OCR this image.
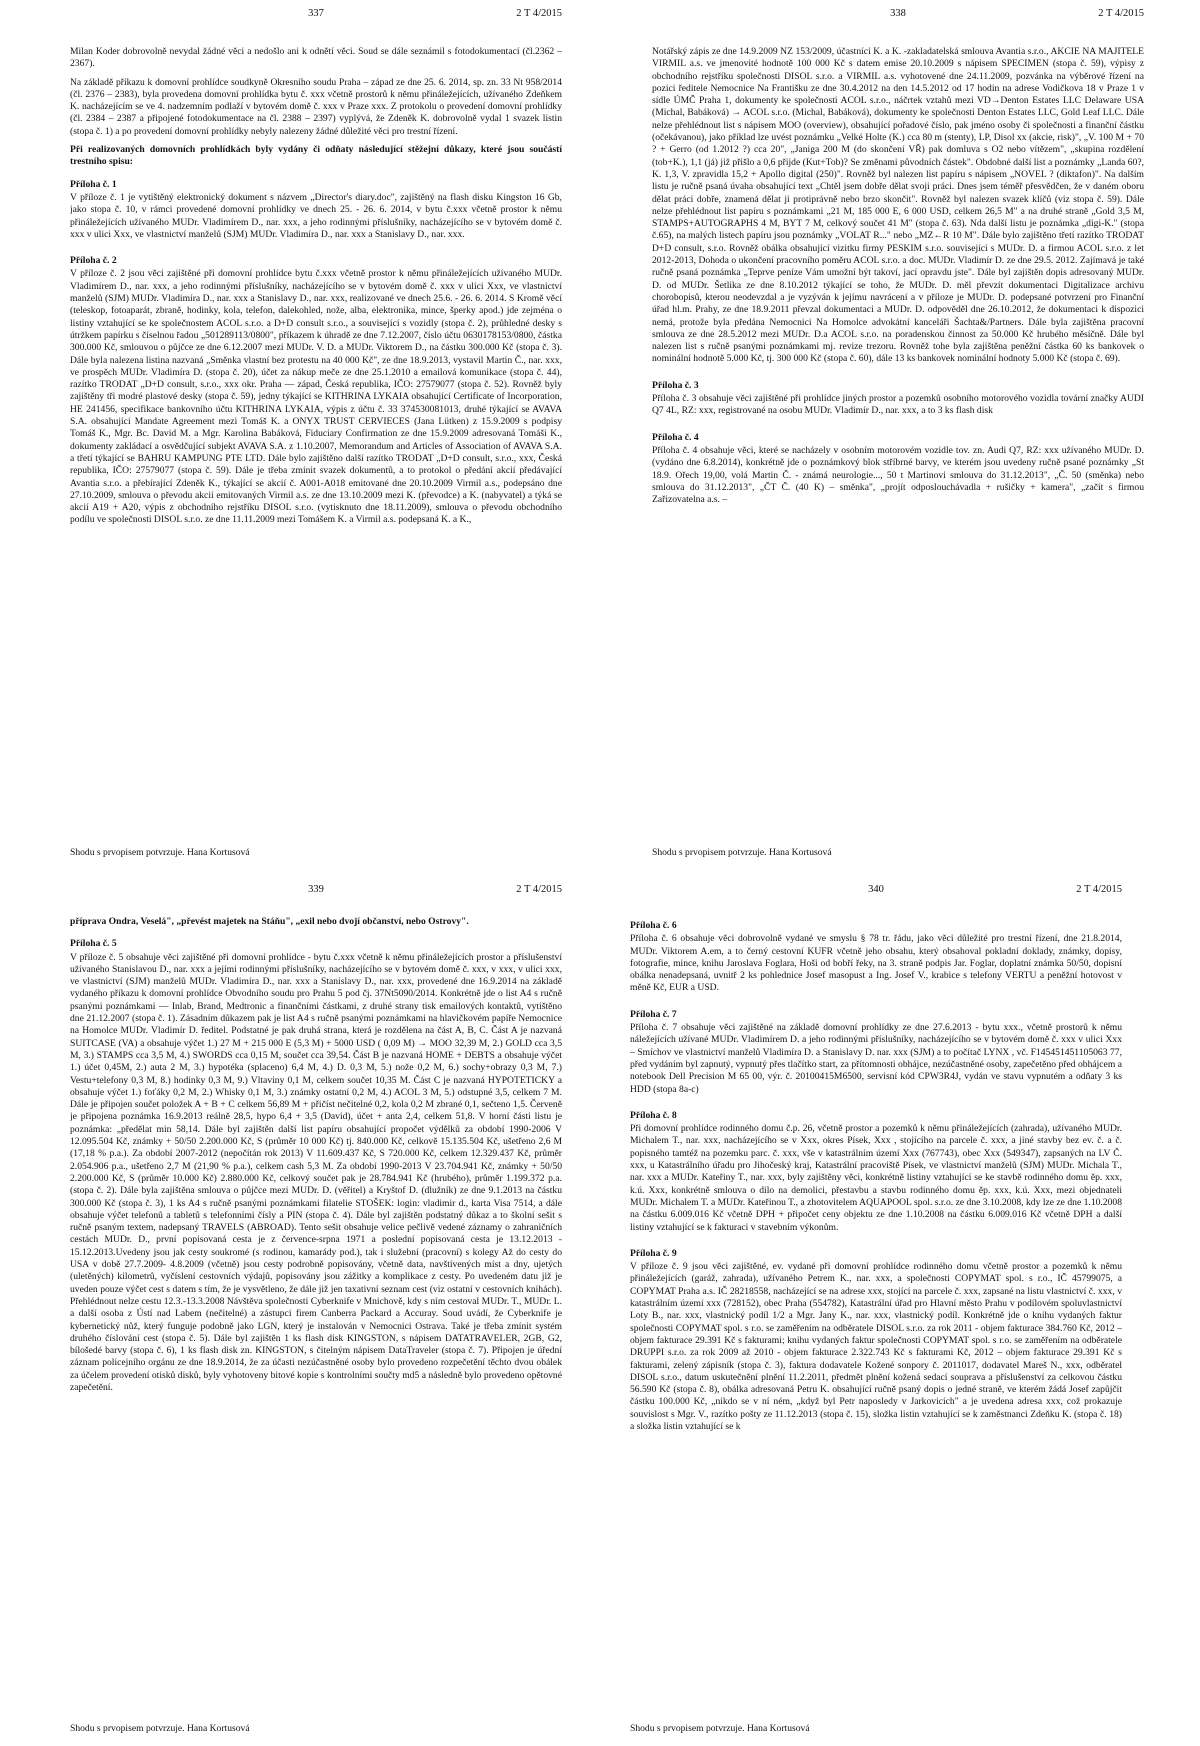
337	2 T 4/2015

Milan Koder dobrovolně nevydal žádné věci a nedošlo ani k odnětí věci. Soud se dále seznámil s fotodokumentací (čl.2362 – 2367).

Na základě příkazu k domovní prohlídce soudkyně Okresního soudu Praha – západ ze dne 25. 6. 2014, sp. zn. 33 Nt 958/2014 (čl. 2376 – 2383), byla provedena domovní prohlídka bytu č. xxx včetně prostorů k němu přináležejících, užívaného Zdeňkem K. nacházejícím se ve 4. nadzemním podlaží v bytovém domě č. xxx v Praze xxx. Z protokolu o provedení domovní prohlídky (čl. 2384 – 2387 a připojené fotodokumentace na čl. 2388 – 2397) vyplývá, že Zdeněk K. dobrovolně vydal 1 svazek listin (stopa č. 1) a po provedení domovní prohlídky nebyly nalezeny žádné důležité věci pro trestní řízení.

Při realizovaných domovních prohlídkách byly vydány či odňaty následující stěžejní důkazy, které jsou součástí trestního spisu:

Příloha č. 1

V příloze č. 1 je vytištěný elektronický dokument s názvem „Director's diary.doc", zajištěný na flash disku Kingston 16 Gb, jako stopa č. 10, v rámci provedené domovní prohlídky ve dnech 25. - 26. 6. 2014, v bytu č.xxx včetně prostor k němu přináležejících užívaného MUDr. Vladimírem D., nar. xxx, a jeho rodinnými příslušníky, nacházejícího se v bytovém domě č. xxx v ulici Xxx, ve vlastnictví manželů (SJM) MUDr. Vladimíra D., nar. xxx a Stanislavy D., nar. xxx.

Příloha č. 2

V příloze č. 2 jsou věci zajištěné při domovní prohlídce bytu č.xxx včetně prostor k němu přináležejících užívaného MUDr. Vladimírem D., nar. xxx, a jeho rodinnými příslušníky, nacházejícího se v bytovém domě č. xxx v ulici Xxx, ve vlastnictví manželů (SJM) MUDr. Vladimíra D., nar. xxx a Stanislavy D., nar. xxx, realizované ve dnech 25.6. - 26. 6. 2014. S Kromě věcí (teleskop, fotoaparát, zbraně, hodinky, kola, telefon, dalekohled, nože, alba, elektronika, mince, šperky apod.) jde zejména o listiny vztahující se ke společnostem ACOL s.r.o. a D+D consult s.r.o., a související s vozidly (stopa č. 2), průhledné desky s útržkem papírku s číselnou řadou „501289113/0800", příkazem k úhradě ze dne 7.12.2007, číslo účtu 0630178153/0800, částka 300.000 Kč, smlouvou o půjčce ze dne 6.12.2007 mezi MUDr. V. D. a MUDr. Viktorem D., na částku 300.000 Kč (stopa č. 3). Dále byla nalezena listina nazvaná „Směnka vlastní bez protestu na 40 000 Kč", ze dne 18.9.2013, vystavil Martin Č., nar. xxx, ve prospěch MUDr. Vladimíra D. (stopa č. 20), účet za nákup meče ze dne 25.1.2010 a emailová komunikace (stopa č. 44), razítko TRODAT „D+D consult, s.r.o., xxx okr. Praha — západ, Česká republika, IČO: 27579077 (stopa č. 52). Rovněž byly zajištěny tři modré plastové desky (stopa č. 59), jedny týkající se KITHRINA LYKAIA obsahující Certificate of Incorporation, HE 241456, specifikace bankovního účtu KITHRINA LYKAIA, výpis z účtu č. 33 374530081013, druhé týkající se AVAVA S.A. obsahující Mandate Agreement mezi Tomáš K. a ONYX TRUST CERVIECES (Jana Lütken) z 15.9.2009 s podpisy Tomáš K., Mgr. Bc. David M. a Mgr. Karolina Babáková, Fiduciary Confirmation ze dne 15.9.2009 adresovaná Tomáši K., dokumenty zakládací a osvědčující subjekt AVAVA S.A. z 1.10.2007, Memorandum and Articles of Association of AVAVA S.A. a třetí týkající se BAHRU KAMPUNG PTE LTD. Dále bylo zajištěno další razítko TRODAT „D+D consult, s.r.o., xxx, Česká republika, IČO: 27579077 (stopa č. 59). Dále je třeba zmínit svazek dokumentů, a to protokol o předání akcií předávající Avantia s.r.o. a přebírající Zdeněk K., týkající se akcií č. A001-A018 emitované dne 20.10.2009 Virmil a.s., podepsáno dne 27.10.2009, smlouva o převodu akcií emitovaných Virmil a.s. ze dne 13.10.2009 mezi K. (převodce) a K. (nabyvatel) a týká se akcií A19 + A20, výpis z obchodního rejstříku DISOL s.r.o. (vytisknuto dne 18.11.2009), smlouva o převodu obchodního podílu ve společnosti DISOL s.r.o. ze dne 11.11.2009 mezi Tomášem K. a Virmil a.s. podepsaná K. a K.,

Shodu s prvopisem potvrzuje. Hana Kortusová
338	2 T 4/2015

Notářský zápis ze dne 14.9.2009 NZ 153/2009, účastníci K. a K. -zakladatelská smlouva Avantia s.r.o., AKCIE NA MAJITELE VIRMIL a.s. ve jmenovité hodnotě 100 000 Kč s datem emise 20.10.2009 s nápisem SPECIMEN (stopa č. 59), výpisy z obchodního rejstříku společnosti DISOL s.r.o. a VIRMIL a.s. vyhotovené dne 24.11.2009, pozvánka na výběrové řízení na pozici ředitele Nemocnice Na Františku ze dne 30.4.2012 na den 14.5.2012 od 17 hodin na adrese Vodičkova 18 v Praze 1 v sídle ÚMČ Praha 1, dokumenty ke společnosti ACOL s.r.o., náčrtek vztahů mezi VD→Denton Estates LLC Delaware USA (Michal, Babáková) → ACOL s.r.o. (Michal, Babáková), dokumenty ke společnosti Denton Estates LLC, Gold Leaf LLC. Dále nelze přehlédnout list s nápisem MOO (overview), obsahující pořadové číslo, pak jméno osoby či společnosti a finanční částku (očekávanou), jako příklad lze uvést poznámku „Velké Holte (K.) cca 80 m (stenty), LP, Disol xx (akcie, risk)", „V. 100 M + 70 ? + Gerro (od 1.2012 ?) cca 20", „Janiga 200 M (do skončení VŘ) pak domluva s O2 nebo vítězem", „skupina rozdělení (tob+K.), 1,1 (já) již přišlo a 0,6 přijde (Kut+Tob)? Se změnami původních částek". Obdobné další list a poznámky „Landa 60?, K. 1,3, V. zpravidla 15,2 + Apollo digital (250)". Rovněž byl nalezen list papíru s nápisem „NOVEL ? (diktafon)". Na dalším listu je ručně psaná úvaha obsahující text „Chtěl jsem dobře dělat svoji práci. Dnes jsem téměř přesvědčen, že v daném oboru dělat práci dobře, znamená dělat ji protiprávně nebo brzo skončit". Rovněž byl nalezen svazek klíčů (viz stopa č. 59). Dále nelze přehlédnout list papíru s poznámkami „21 M, 185 000 E, 6 000 USD, celkem 26,5 M" a na druhé straně „Gold 3,5 M, STAMPS+AUTOGRAPHS 4 M, BYT 7 M, celkový součet 41 M" (stopa č. 63). Nda další listu je poznámka „digi-K." (stopa č.65), na malých listech papíru jsou poznámky „VOLAT R..." nebo „MZ←R 10 M". Dále bylo zajištěno třetí razítko TRODAT D+D consult, s.r.o. Rovněž obálka obsahující vizitku firmy PESKIM s.r.o. související s MUDr. D. a firmou ACOL s.r.o. z let 2012-2013, Dohoda o ukončení pracovního poměru ACOL s.r.o. a doc. MUDr. Vladimír D. ze dne 29.5. 2012. Zajímavá je také ručně psaná poznámka „Teprve peníze Vám umožní být takoví, jací opravdu jste". Dále byl zajištěn dopis adresovaný MUDr. D. od MUDr. Šetlika ze dne 8.10.2012 týkající se toho, že MUDr. D. měl převzít dokumentaci Digitalizace archivu chorobopisů, kterou neodevzdal a je vyzýván k jejímu navrácení a v příloze je MUDr. D. podepsané potvrzení pro Finanční úřad hl.m. Prahy, ze dne 18.9.2011 převzal dokumentaci a MUDr. D. odpověděl dne 26.10.2012, že dokumentaci k dispozici nemá, protože byla předána Nemocnici Na Homolce advokátní kanceláři Šachta&/Partners. Dále byla zajištěna pracovní smlouva ze dne 28.5.2012 mezi MUDr. D.a ACOL s.r.o. na poradenskou činnost za 50.000 Kč hrubého měsíčně. Dále byl nalezen list s ručně psanými poznámkami mj. revize trezoru. Rovněž tohe byla zajištěna peněžní částka 60 ks bankovek o nominální hodnotě 5.000 Kč, tj. 300 000 Kč (stopa č. 60), dále 13 ks bankovek nominální hodnoty 5.000 Kč (stopa č. 69).

Příloha č. 3

Příloha č. 3 obsahuje věci zajištěné při prohlídce jiných prostor a pozemků osobního motorového vozidla tovární značky AUDI Q7 4L, RZ: xxx, registrované na osobu MUDr. Vladimír D., nar. xxx, a to 3 ks flash disk

Příloha č. 4

Příloha č. 4 obsahuje věci, které se nacházely v osobním motorovém vozidle tov. zn. Audi Q7, RZ: xxx užívaného MUDr. D. (vydáno dne 6.8.2014), konkrétně jde o poznámkový blok stříbrné barvy, ve kterém jsou uvedeny ručně psané poznámky „St 18.9. Ořech 19,00, volá Martin Č. - známá neurologie..., 50 t Martinovi smlouva do 31.12.2013", „Č. 50 (směnka) nebo smlouva do 31.12.2013", „ČT Č. (40 K) – směnka", „projít odposlouchávadla + rušičky + kamera", „začít s firmou Zařizovatelna a.s. –

Shodu s prvopisem potvrzuje. Hana Kortusová
339	2 T 4/2015

příprava Ondra, Veselá", „převést majetek na Stáňu", „exil nebo dvojí občanství, nebo Ostrovy".

Příloha č. 5

V příloze č. 5 obsahuje věci zajištěné při domovní prohlídce - bytu č.xxx včetně k němu přináležejících prostor a příslušenství užívaného Stanislavou D., nar. xxx a jejími rodinnými příslušníky, nacházejícího se v bytovém domě č. xxx, v xxx, v ulici xxx, ve vlastnictví (SJM) manželů MUDr. Vladimíra D., nar. xxx a Stanislavy D., nar. xxx, provedené dne 16.9.2014 na základě vydaného příkazu k domovní prohlídce Obvodního soudu pro Prahu 5 pod čj. 37Nt5090/2014. Konkrétně jde o list A4 s ručně psanými poznámkami — Inlab, Brand, Medtronic a finančními částkami, z druhé strany tisk emailových kontaktů, vytištěno dne 21.12.2007 (stopa č. 1). Zásadním důkazem pak je list A4 s ručně psanými poznámkami na hlavičkovém papíře Nemocnice na Homolce MUDr. Vladimír D. ředitel. Podstatné je pak druhá strana, která je rozdělena na část A, B, C. Část A je nazvaná SUITCASE (VA) a obsahuje výčet 1.) 27 M + 215 000 E (5,3 M) + 5000 USD ( 0,09 M) → MOO 32,39 M, 2.) GOLD cca 3,5 M, 3.) STAMPS cca 3,5 M, 4.) SWORDS cca 0,15 M, součet cca 39,54. Část B je nazvaná HOME + DEBTS a obsahuje výčet 1.) účet 0,45M, 2.) auta 2 M, 3.) hypotéka (splaceno) 6,4 M, 4.) D. 0,3 M, 5.) nože 0,2 M, 6.) sochy+obrazy 0,3 M, 7.) Vestu+telefony 0,3 M, 8.) hodinky 0,3 M, 9.) Vltaviny 0,1 M, celkem součet 10,35 M. Část C je nazvaná HYPOTETICKY a obsahuje výčet 1.) foťáky 0,2 M, 2.) Whisky 0,1 M, 3.) známky ostatní 0,2 M, 4.) ACOL 3 M, 5.) odstupné 3,5, celkem 7 M. Dále je připojen součet položek A + B + C celkem 56,89 M + přičíst nečitelné 0,2, kola 0,2 M zbrané 0,1, sečteno 1,5. Červeně je připojena poznámka 16.9.2013 reálně 28,5, hypo 6,4 + 3,5 (David), účet + anta 2,4, celkem 51,8. V horní části listu je poznámka: „předělat min 58,14. Dále byl zajištěn další list papíru obsahující propočet výdělků za období 1990-2006 V 12.095.504 Kč, známky + 50/50 2.200.000 Kč, S (průměr 10 000 Kč) tj. 840.000 Kč, celkově 15.135.504 Kč, ušetřeno 2,6 M (17,18 % p.a.). Za období 2007-2012 (nepočítán rok 2013) V 11.609.437 Kč, S 720.000 Kč, celkem 12.329.437 Kč, průměr 2.054.906 p.a., ušetřeno 2,7 M (21,90 % p.a.), celkem cash 5,3 M. Za období 1990-2013 V 23.704.941 Kč, známky + 50/50 2.200.000 Kč, S (průměr 10.000 Kč) 2.880.000 Kč, celkový součet pak je 28.784.941 Kč (hrubého), průměr 1.199.372 p.a. (stopa č. 2). Dále byla zajištěna smlouva o půjčce mezi MUDr. D. (věřitel) a Kryštof D. (dlužník) ze dne 9.1.2013 na částku 300.000 Kč (stopa č. 3), 1 ks A4 s ručně psanými poznámkami filatelie STOŠEK: login: vladimir d., karta Visa 7514, a dále obsahuje výčet telefonů a tabletů s telefonními čísly a PIN (stopa č. 4). Dále byl zajištěn podstatný důkaz a to školní sešit s ručně psaným textem, nadepsaný TRAVELS (ABROAD). Tento sešit obsahuje velice pečlivě vedené záznamy o zahraničních cestách MUDr. D., první popisovaná cesta je z července-srpna 1971 a poslední popisovaná cesta je 13.12.2013 - 15.12.2013.Uvedeny jsou jak cesty soukromé (s rodinou, kamarády pod.), tak i služební (pracovní) s kolegy Až do cesty do USA v době 27.7.2009- 4.8.2009 (včetně) jsou cesty podrobně popisovány, včetně data, navštívených míst a dny, ujetých (uletěných) kilometrů, vyčíslení cestovních výdajů, popisovány jsou zážitky a komplikace z cesty. Po uvedeném datu již je uveden pouze výčet cest s datem s tím, že je vysvětleno, že dále již jen taxativní seznam cest (viz ostatní v cestovních knihách). Přehlédnout nelze cestu 12.3.-13.3.2008 Návštěva společnosti Cyberknife v Mnichově, kdy s ním cestoval MUDr. T., MUDr. L. a další osoba z Ústí nad Labem (nečitelné) a zástupci firem Canberra Packard a Accuray. Soud uvádí, že Cyberknife je kybernetický nůž, který funguje podobně jako LGN, který je instalován v Nemocnici Ostrava. Také je třeba zmínit systém druhého číslování cest (stopa č. 5). Dále byl zajištěn 1 ks flash disk KINGSTON, s nápisem DATATRAVELER, 2GB, G2, bílošedé barvy (stopa č. 6), 1 ks flash disk zn. KINGSTON, s čitelným nápisem DataTraveler (stopa č. 7). Připojen je úřední záznam policejního orgánu ze dne 18.9.2014, že za účasti nezúčastněné osoby bylo provedeno rozpečetění těchto dvou obálek za účelem provedení otisků disků, byly vyhotoveny bitové kopie s kontrolními součty md5 a následně bylo provedeno opětovné zapečetění.

Shodu s prvopisem potvrzuje. Hana Kortusová
340	2 T 4/2015

Příloha č. 6

Příloha č. 6 obsahuje věci dobrovolně vydané ve smyslu § 78 tr. řádu, jako věci důležité pro trestní řízení, dne 21.8.2014, MUDr. Viktorem A.em, a to černý cestovní KUFR včetně jeho obsahu, který obsahoval pokladní doklady, známky, dopisy, fotografie, mince, knihu Jaroslava Foglara, Hoši od bobří řeky, na 3. straně podpis Jar. Foglar, doplatní známka 50/50, dopisní obálka nenadepsaná, uvnitř 2 ks pohlednice Josef masopust a Ing. Josef V., krabice s telefony VERTU a peněžní hotovost v měně Kč, EUR a USD.

Příloha č. 7

Příloha č. 7 obsahuje věci zajištěné na základě domovní prohlídky ze dne 27.6.2013 - bytu xxx., včetně prostorů k němu náležejících užívané MUDr. Vladimírem D. a jeho rodinnými příslušníky, nacházejícího se v bytovém domě č. xxx v ulici Xxx – Smíchov ve vlastnictví manželů Vladimíra D. a Stanislavy D. nar. xxx (SJM) a to počítač LYNX , vč. F145451451105063 77, před vydáním byl zapnutý, vypnutý přes tlačítko start, za přítomnosti obhájce, nezúčastněné osoby, zapečetěno před obhájcem a notebook Dell Precision M 65 00, výr. č. 20100415M6500, servisní kód CPW3R4J, vydán ve stavu vypnutém a odňaty 3 ks HDD (stopa 8a-c)

Příloha č. 8

Při domovní prohlídce rodinného domu č.p. 26, včetně prostor a pozemků k němu přináležejících (zahrada), užívaného MUDr. Michalem T., nar. xxx, nacházejícího se v Xxx, okres Písek, Xxx , stojícího na parcele č. xxx, a jiné stavby bez ev. č. a č. popisného tamtéž na pozemku parc. č. xxx, vše v katastrálním území Xxx (767743), obec Xxx (549347), zapsaných na LV Č. xxx, u Katastrálního úřadu pro Jihočeský kraj, Katastrální pracoviště Písek, ve vlastnictví manželů (SJM) MUDr. Michala T., nar. xxx a MUDr. Kateřiny T., nar. xxx, byly zajištěny věci, konkrétně listiny vztahující se ke stavbě rodinného domu ěp. xxx, k.ú. Xxx, konkrétně smlouva o dílo na demolici, přestavbu a stavbu rodinného domu ěp. xxx, k.ú. Xxx, mezi objednateli MUDr. Michalem T. a MUDr. Kateřinou T., a zhotovitelem AQUAPOOL spol. s.r.o. ze dne 3.10.2008, kdy lze ze dne 1.10.2008 na částku 6.009.016 Kč včetně DPH + připočet ceny objektu ze dne 1.10.2008 na částku 6.009.016 Kč včetně DPH a další listiny vztahující se k fakturaci v stavebním výkonům.

Příloha č. 9

V příloze č. 9 jsou věci zajištěné, ev. vydané při domovní prohlídce rodinného domu včetně prostor a pozemků k němu přináležejících (garáž, zahrada), užívaného Petrem K., nar. xxx, a společnosti COPYMAT spol. s r.o., IČ 45799075, a COPYMAT Praha a.s. IČ 28218558, nacházející se na adrese xxx, stojící na parcele č. xxx, zapsané na listu vlastnictví č. xxx, v katastrálním území xxx (728152), obec Praha (554782), Katastrální úřad pro Hlavní město Prahu v podílovém spoluvlastnictví Loty B., nar. xxx, vlastnický podíl 1/2 a Mgr. Jany K., nar. xxx, vlastnický podíl. Konkrétně jde o knihu vydaných faktur společnosti COPYMAT spol. s r.o. se zaměřením na odběratele DISOL s.r.o. za rok 2011 - objem fakturace 384.760 Kč, 2012 – objem fakturace 29.391 Kč s fakturami; knihu vydaných faktur společnosti COPYMAT spol. s r.o. se zaměřením na odběratele DRUPPI s.r.o. za rok 2009 až 2010 - objem fakturace 2.322.743 Kč s fakturami Kč, 2012 – objem fakturace 29.391 Kč s fakturami, zelený zápisník (stopa č. 3), faktura dodavatele Kožené sonpory č. 2011017, dodavatel Mareš N., xxx, odběratel DISOL s.r.o., datum uskutečnění plnění 11.2.2011, předmět plnění kožená sedací souprava a příslušenství za celkovou částku 56.590 Kč (stopa č. 8), obálka adresovaná Petru K. obsahující ručně psaný dopis o jedné straně, ve kterém žádá Josef zapůjčit částku 100.000 Kč, „nikdo se v ní ném, „když byl Petr naposledy v Jarkovicích" a je uvedena adresa xxx, což prokazuje souvislost s Mgr. V., razítko pošty ze 11.12.2013 (stopa č. 15), složka listin vztahující se k zaměstnanci Zdeňku K. (stopa č. 18) a složka listin vztahující se k

Shodu s prvopisem potvrzuje. Hana Kortusová
